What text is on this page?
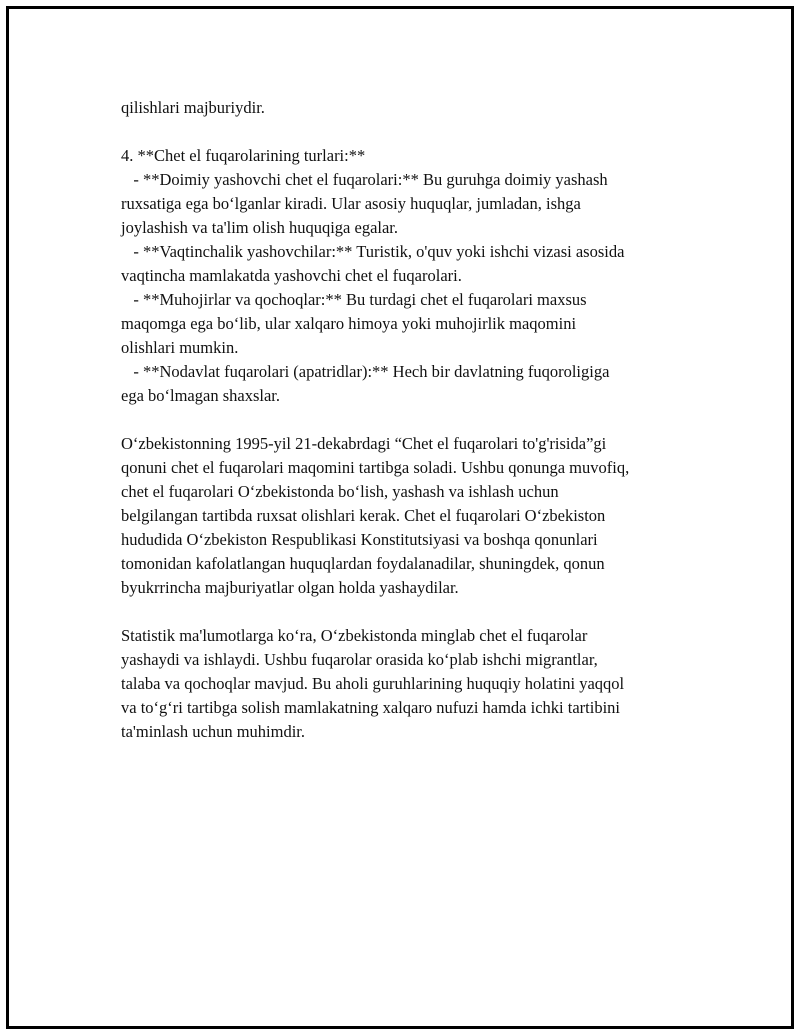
qilishlari majburiydir.
4. **Chet el fuqarolarining turlari:**
- **Doimiy yashovchi chet el fuqarolari:** Bu guruhga doimiy yashash
ruxsatiga ega bo‘lganlar kiradi. Ular asosiy huquqlar, jumladan, ishga
joylashish va ta'lim olish huquqiga egalar.
- **Vaqtinchalik yashovchilar:** Turistik, o'quv yoki ishchi vizasi asosida
vaqtincha mamlakatda yashovchi chet el fuqarolari.
- **Muhojirlar va qochoqlar:** Bu turdagi chet el fuqarolari maxsus
maqomga ega bo‘lib, ular xalqaro himoya yoki muhojirlik maqomini
olishlari mumkin.
- **Nodavlat fuqarolari (apatridlar):** Hech bir davlatning fuqoroligiga
ega bo‘lmagan shaxslar.
O‘zbekistonning 1995-yil 21-dekabrdagi “Chet el fuqarolari to'g'risida”gi
qonuni chet el fuqarolari maqomini tartibga soladi. Ushbu qonunga muvofiq,
chet el fuqarolari O‘zbekistonda bo‘lish, yashash va ishlash uchun
belgilangan tartibda ruxsat olishlari kerak. Chet el fuqarolari O‘zbekiston
hududida O‘zbekiston Respublikasi Konstitutsiyasi va boshqa qonunlari
tomonidan kafolatlangan huquqlardan foydalanadilar, shuningdek, qonun
byukrrincha majburiyatlar olgan holda yashaydilar.
Statistik ma'lumotlarga ko‘ra, O‘zbekistonda minglab chet el fuqarolar
yashaydi va ishlaydi. Ushbu fuqarolar orasida ko‘plab ishchi migrantlar,
talaba va qochoqlar mavjud. Bu aholi guruhlarining huquqiy holatini yaqqol
va to‘g‘ri tartibga solish mamlakatning xalqaro nufuzi hamda ichki tartibini
ta'minlash uchun muhimdir.
